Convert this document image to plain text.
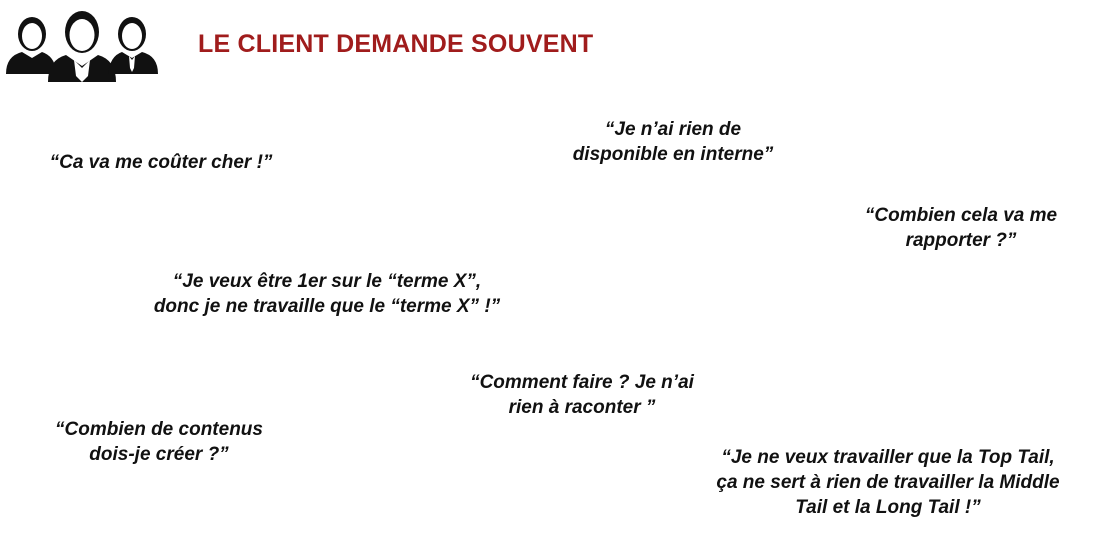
LE CLIENT DEMANDE SOUVENT
“Ca va me coûter cher !”
“Je n’ai rien de
disponible en interne”
“Combien cela va me
rapporter ?”
“Je veux être 1er sur le “terme X”,
donc je ne travaille que le “terme X” !”
“Comment faire ? Je n’ai
rien à raconter ”
“Combien de contenus
dois-je créer ?”	“Je ne veux travailler que la Top Tail,
ça ne sert à rien de travailler la Middle
Tail et la Long Tail !”
